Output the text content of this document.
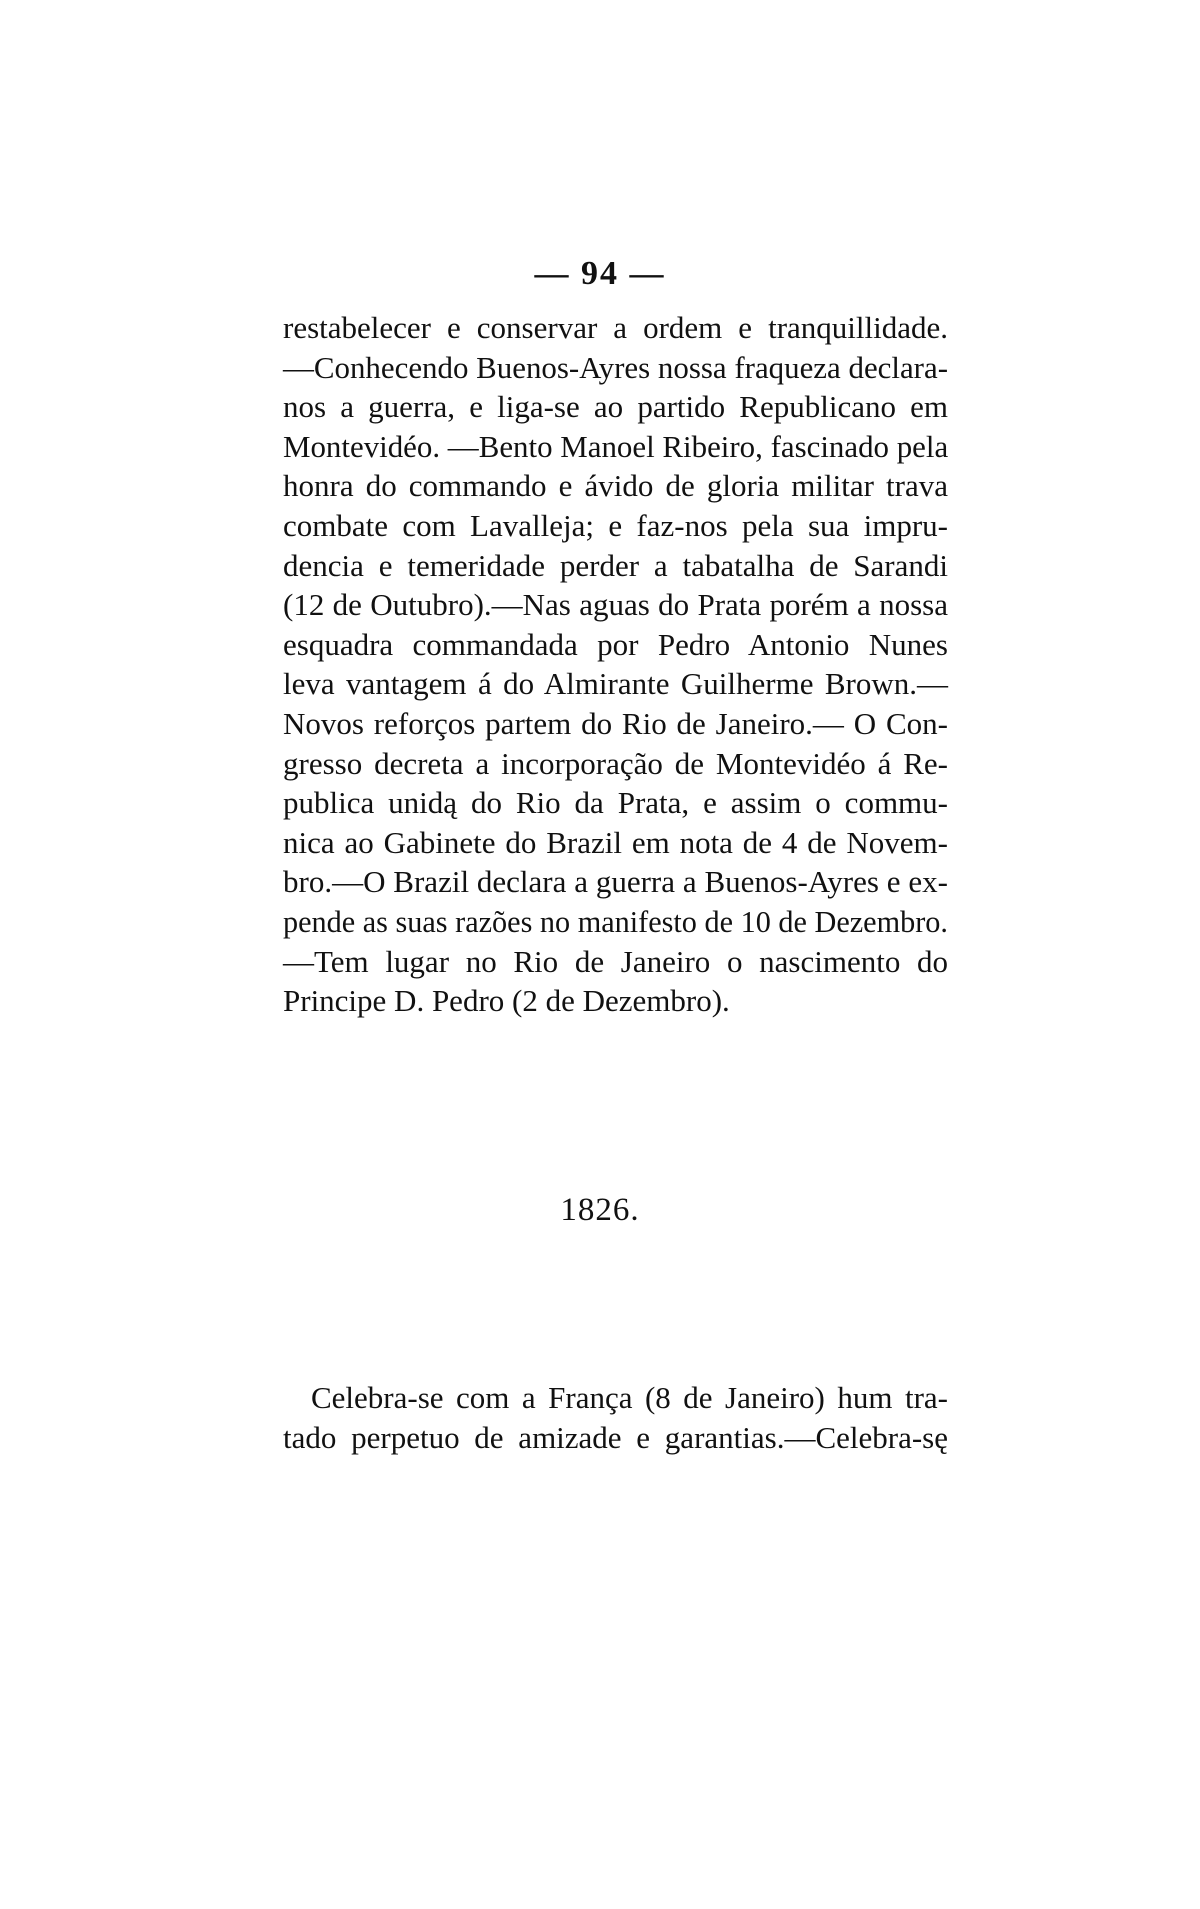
— 94 —
restabelecer e conservar a ordem e tranquillidade.
—Conhecendo Buenos-Ayres nossa fraqueza declara-
nos a guerra, e liga-se ao partido Republicano em
Montevidéo. —Bento Manoel Ribeiro, fascinado pela
honra do commando e ávido de gloria militar trava
combate com Lavalleja; e faz-nos pela sua impru-
dencia e temeridade perder a tabatalha de Sarandi
(12 de Outubro).—Nas aguas do Prata porém a nossa
esquadra commandada por Pedro Antonio Nunes
leva vantagem á do Almirante Guilherme Brown.—
Novos reforços partem do Rio de Janeiro.— O Con-
gresso decreta a incorporação de Montevidéo á Re-
publica unidą do Rio da Prata, e assim o commu-
nica ao Gabinete do Brazil em nota de 4 de Novem-
bro.—O Brazil declara a guerra a Buenos-Ayres e ex-
pende as suas razões no manifesto de 10 de Dezembro.
—Tem lugar no Rio de Janeiro o nascimento do
Principe D. Pedro (2 de Dezembro).
1826.
Celebra-se com a França (8 de Janeiro) hum tra-
tado perpetuo de amizade e garantias.—Celebra-sę
